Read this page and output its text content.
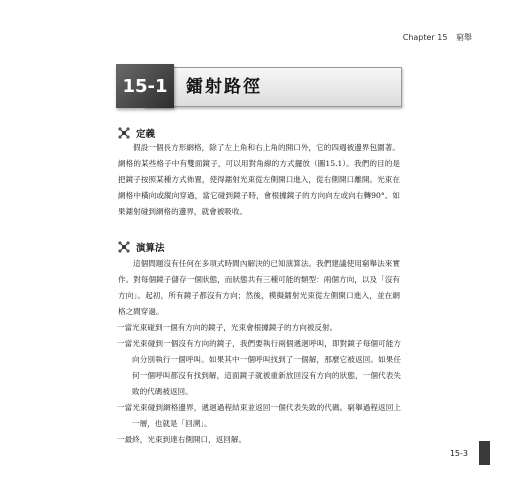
Chapter 15 窮舉
15-1	鐳射路徑
定義
假設一個長方形網格，除了左上角和右上角的開口外，它的四週被邊界包圍著。網格的某些格子中有雙面鏡子，可以用對角線的方式擺放（圖15.1）。我們的目的是把鏡子按照某種方式佈置，使得鐳射光束從左側開口進入，從右側開口離開。光束在網格中橫向或縱向穿過，當它碰到鏡子時，會根據鏡子的方向向左或向右轉90°。如果鐳射碰到網格的邊界，就會被吸收。
演算法
這個問題沒有任何在多項式時間內解決的已知演算法。我們建議使用窮舉法來實作。對每個鏡子儲存一個狀態，而狀態共有三種可能的類型：兩個方向，以及「沒有方向」。起初，所有鏡子都沒有方向；然後，模擬鐳射光束從左側開口進入，並在網格之間穿過。
一當光束碰到一個有方向的鏡子，光束會根據鏡子的方向被反射。
一當光束碰到一個沒有方向的鏡子，我們要執行兩個遞迴呼叫，即對鏡子每個可能方向分別執行一個呼叫。如果其中一個呼叫找到了一個解，那麼它被返回。如果任何一個呼叫都沒有找到解，這面鏡子就被重新放回沒有方向的狀態，一個代表失敗的代碼被返回。
一當光束碰到網格邊界，遞迴過程結束並返回一個代表失敗的代碼。窮舉過程返回上一層，也就是「回溯」。
一最終，光束到達右側開口，返回解。
15-3
